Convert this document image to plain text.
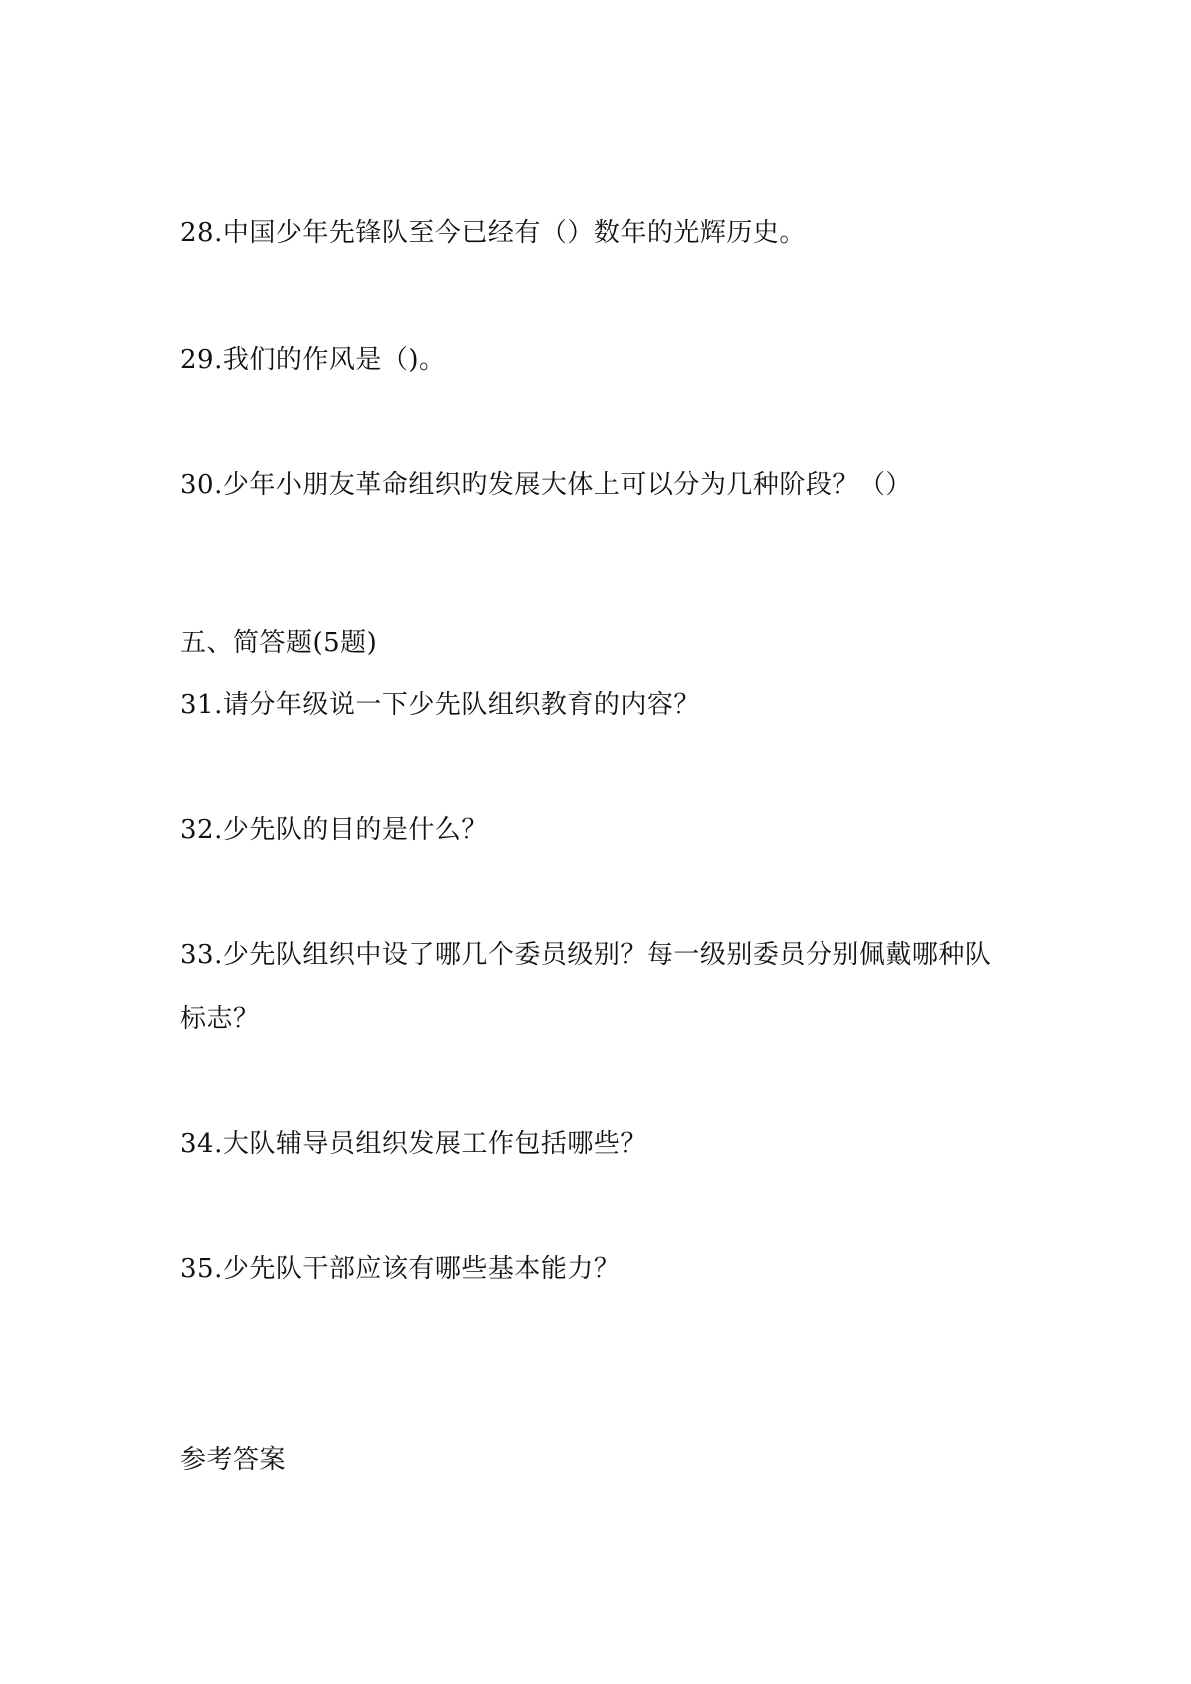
28.中国少年先锋队至今已经有（）数年的光辉历史。
29.我们的作风是（)。
30.少年小朋友革命组织旳发展大体上可以分为几种阶段？（）
五、简答题(5题)
31.请分年级说一下少先队组织教育的内容？
32.少先队的目的是什么？
33.少先队组织中设了哪几个委员级别？每一级别委员分别佩戴哪种队
标志？
34.大队辅导员组织发展工作包括哪些？
35.少先队干部应该有哪些基本能力？
参考答案
